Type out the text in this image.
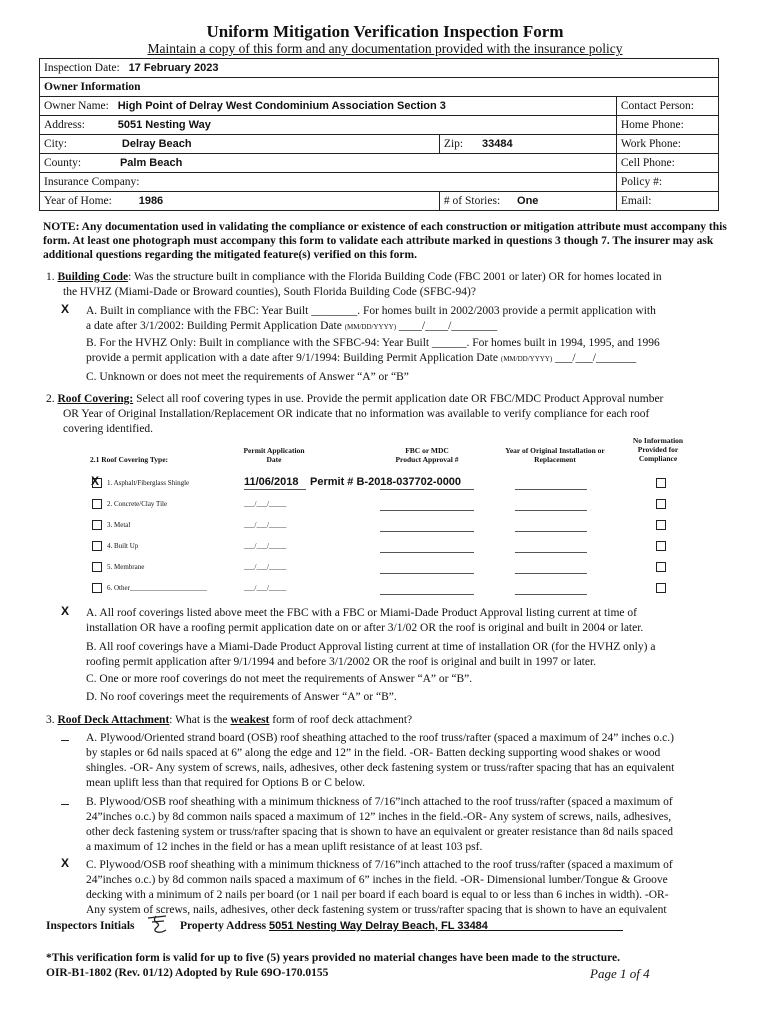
Uniform Mitigation Verification Inspection Form
Maintain a copy of this form and any documentation provided with the insurance policy
Inspection Date: 17 February 2023		
Owner Information		
Owner Name: High Point of Delray West Condominium Association Section 3		Contact Person:
Address: 5051 Nesting Way		Home Phone:
City: Delray Beach	Zip: 33484	Work Phone:
County: Palm Beach		Cell Phone:
Insurance Company:		Policy #:
Year of Home: 1986	# of Stories: One	Email:
NOTE: Any documentation used in validating the compliance or existence of each construction or mitigation attribute must accompany this form. At least one photograph must accompany this form to validate each attribute marked in questions 3 though 7. The insurer may ask additional questions regarding the mitigated feature(s) verified on this form.
1. Building Code: Was the structure built in compliance with the Florida Building Code (FBC 2001 or later) OR for homes located in
the HVHZ (Miami-Dade or Broward counties), South Florida Building Code (SFBC-94)?
X A. Built in compliance with the FBC: Year Built ________. For homes built in 2002/2003 provide a permit application with
a date after 3/1/2002: Building Permit Application Date (MM/DD/YYYY) ____/____/________
B. For the HVHZ Only: Built in compliance with the SFBC-94: Year Built ______. For homes built in 1994, 1995, and 1996
provide a permit application with a date after 9/1/1994: Building Permit Application Date (MM/DD/YYYY) ___/___/_______
C. Unknown or does not meet the requirements of Answer “A” or “B”
2. Roof Covering: Select all roof covering types in use. Provide the permit application date OR FBC/MDC Product Approval number
OR Year of Original Installation/Replacement OR indicate that no information was available to verify compliance for each roof
covering identified.
2.1 Roof Covering Type:
Permit Application
Date
FBC or MDC
Product Approval #
Year of Original Installation or
Replacement
No Information
Provided for
Compliance
X 1. Asphalt/Fiberglass Shingle	11/06/2018 Permit # B-2018-037702-0000
2. Concrete/Clay Tile	___/___/_____
3. Metal	___/___/_____
4. Built Up	___/___/_____
5. Membrane	___/___/_____
6. Other______________________	___/___/_____
X A. All roof coverings listed above meet the FBC with a FBC or Miami-Dade Product Approval listing current at time of
installation OR have a roofing permit application date on or after 3/1/02 OR the roof is original and built in 2004 or later.
B. All roof coverings have a Miami-Dade Product Approval listing current at time of installation OR (for the HVHZ only) a
roofing permit application after 9/1/1994 and before 3/1/2002 OR the roof is original and built in 1997 or later.
C. One or more roof coverings do not meet the requirements of Answer “A” or “B”.
D. No roof coverings meet the requirements of Answer “A” or “B”.
3. Roof Deck Attachment: What is the weakest form of roof deck attachment?
A. Plywood/Oriented strand board (OSB) roof sheathing attached to the roof truss/rafter (spaced a maximum of 24” inches o.c.)
by staples or 6d nails spaced at 6” along the edge and 12” in the field. -OR- Batten decking supporting wood shakes or wood
shingles. -OR- Any system of screws, nails, adhesives, other deck fastening system or truss/rafter spacing that has an equivalent
mean uplift less than that required for Options B or C below.
B. Plywood/OSB roof sheathing with a minimum thickness of 7/16”inch attached to the roof truss/rafter (spaced a maximum of
24”inches o.c.) by 8d common nails spaced a maximum of 12” inches in the field.-OR- Any system of screws, nails, adhesives,
other deck fastening system or truss/rafter spacing that is shown to have an equivalent or greater resistance than 8d nails spaced
a maximum of 12 inches in the field or has a mean uplift resistance of at least 103 psf.
X C. Plywood/OSB roof sheathing with a minimum thickness of 7/16”inch attached to the roof truss/rafter (spaced a maximum of
24”inches o.c.) by 8d common nails spaced a maximum of 6” inches in the field. -OR- Dimensional lumber/Tongue & Groove
decking with a minimum of 2 nails per board (or 1 nail per board if each board is equal to or less than 6 inches in width). -OR-
Any system of screws, nails, adhesives, other deck fastening system or truss/rafter spacing that is shown to have an equivalent
Inspectors Initials	Property Address 5051 Nesting Way Delray Beach, FL 33484
*This verification form is valid for up to five (5) years provided no material changes have been made to the structure.
OIR-B1-1802 (Rev. 01/12) Adopted by Rule 69O-170.0155	Page 1 of 4
